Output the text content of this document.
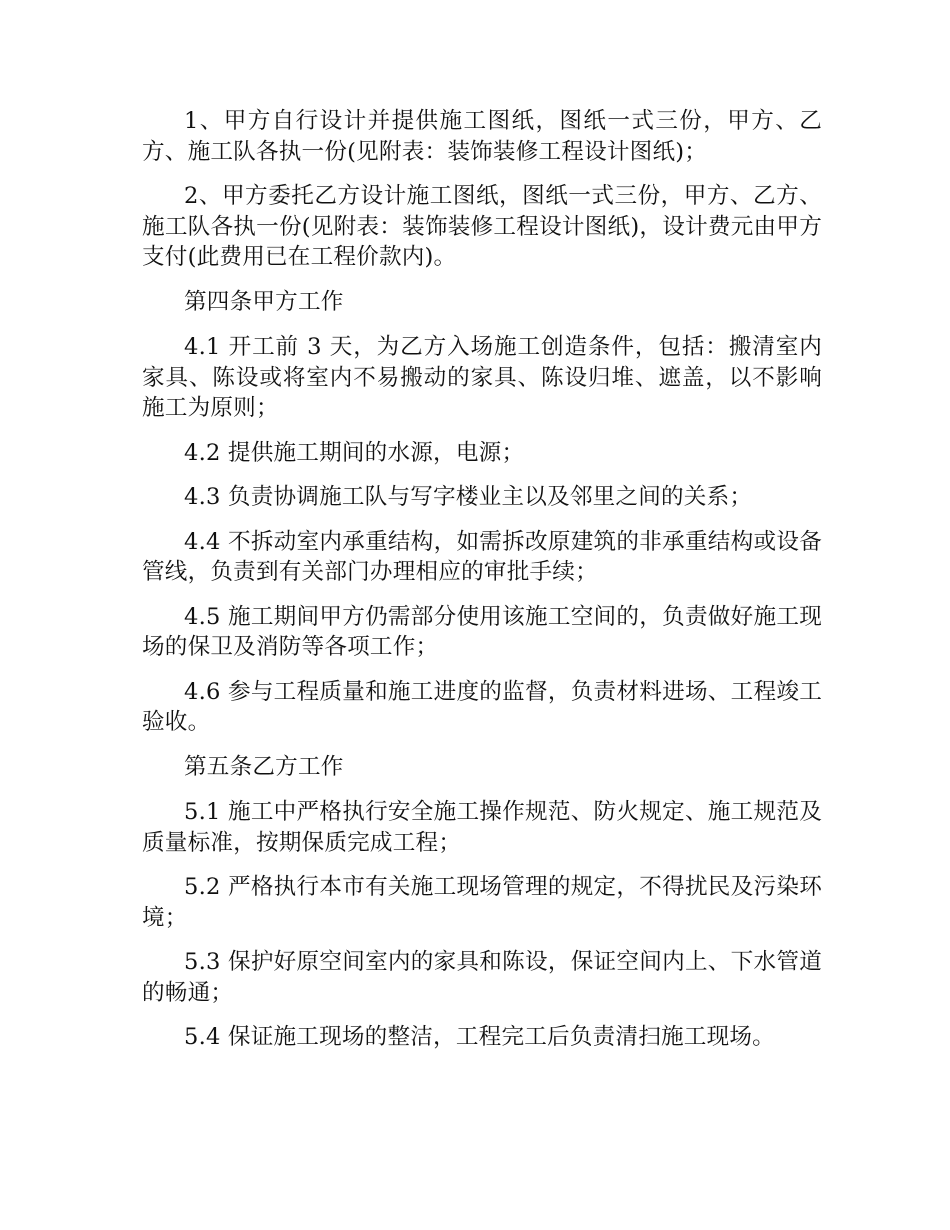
1、甲方自行设计并提供施工图纸，图纸一式三份，甲方、乙方、施工队各执一份(见附表：装饰装修工程设计图纸)；

2、甲方委托乙方设计施工图纸，图纸一式三份，甲方、乙方、施工队各执一份(见附表：装饰装修工程设计图纸)，设计费元由甲方支付(此费用已在工程价款内)。

第四条甲方工作

4.1 开工前 3 天，为乙方入场施工创造条件，包括：搬清室内家具、陈设或将室内不易搬动的家具、陈设归堆、遮盖，以不影响施工为原则；

4.2 提供施工期间的水源，电源；

4.3 负责协调施工队与写字楼业主以及邻里之间的关系；

4.4 不拆动室内承重结构，如需拆改原建筑的非承重结构或设备管线，负责到有关部门办理相应的审批手续；

4.5 施工期间甲方仍需部分使用该施工空间的，负责做好施工现场的保卫及消防等各项工作；

4.6 参与工程质量和施工进度的监督，负责材料进场、工程竣工验收。

第五条乙方工作

5.1 施工中严格执行安全施工操作规范、防火规定、施工规范及质量标准，按期保质完成工程；

5.2 严格执行本市有关施工现场管理的规定，不得扰民及污染环境；

5.3 保护好原空间室内的家具和陈设，保证空间内上、下水管道的畅通；

5.4 保证施工现场的整洁，工程完工后负责清扫施工现场。
